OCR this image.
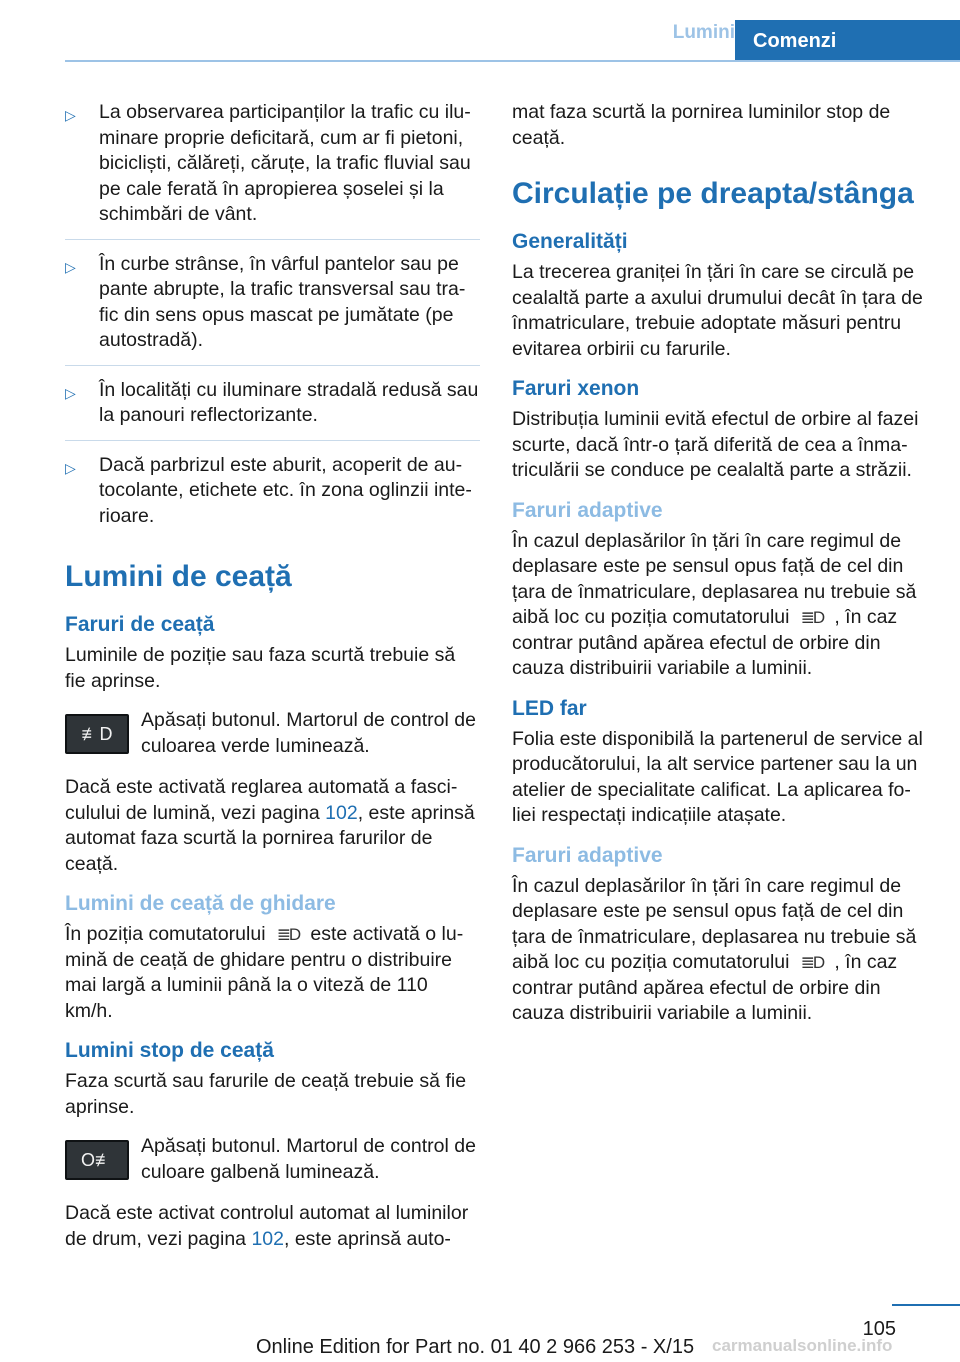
Lumini Comenzi
▷ La observarea participanților la trafic cu ilu-minare proprie deficitară, cum ar fi pietoni, bicicliști, călăreți, căruțe, la trafic fluvial sau pe cale ferată în apropierea șoselei și la schimbări de vânt.
▷ În curbe strânse, în vârful pantelor sau pe pante abrupte, la trafic transversal sau tra-fic din sens opus mascat pe jumătate (pe autostradă).
▷ În localități cu iluminare stradală redusă sau la panouri reflectorizante.
▷ Dacă parbrizul este aburit, acoperit de au-tocolante, etichete etc. în zona oglinzii inte-rioare.
Lumini de ceață
Faruri de ceață

Luminile de poziție sau faza scurtă trebuie să fie aprinse.

≢D

Apăsați butonul. Martorul de control de culoarea verde luminează.

Dacă este activată reglarea automată a fasci-culului de lumină, vezi pagina 102, este aprinsă automat faza scurtă la pornirea farurilor de ceață.

Lumini de ceață de ghidare

În poziția comutatorului ≣D este activată o lu-mină de ceață de ghidare pentru o distribuire mai largă a luminii până la o viteză de 110 km/h.

Lumini stop de ceață

Faza scurtă sau farurile de ceață trebuie să fie aprinse.

O≢

Apăsați butonul. Martorul de control de culoare galbenă luminează.

Dacă este activat controlul automat al luminilor de drum, vezi pagina 102, este aprinsă auto-

mat faza scurtă la pornirea luminilor stop de ceață.

Circulație pe dreapta/stânga
Generalități

La trecerea graniței în țări în care se circulă pe cealaltă parte a axului drumului decât în țara de înmatriculare, trebuie adoptate măsuri pentru evitarea orbirii cu farurile.

Faruri xenon

Distribuția luminii evită efectul de orbire al fazei scurte, dacă într-o țară diferită de cea a înma-triculării se conduce pe cealaltă parte a străzii.

Faruri adaptive

În cazul deplasărilor în țări în care regimul de deplasare este pe sensul opus față de cel din țara de înmatriculare, deplasarea nu trebuie să aibă loc cu poziția comutatorului ≣D , în caz contrar putând apărea efectul de orbire din cauza distribuirii variabile a luminii.

LED far

Folia este disponibilă la partenerul de service al producătorului, la alt service partener sau la un atelier de specialitate calificat. La aplicarea fo-liei respectați indicațiile atașate.

Faruri adaptive

În cazul deplasărilor în țări în care regimul de deplasare este pe sensul opus față de cel din țara de înmatriculare, deplasarea nu trebuie să aibă loc cu poziția comutatorului ≣D , în caz contrar putând apărea efectul de orbire din cauza distribuirii variabile a luminii.

105
Online Edition for Part no. 01 40 2 966 253 - X/15 carmanualsonline.info
